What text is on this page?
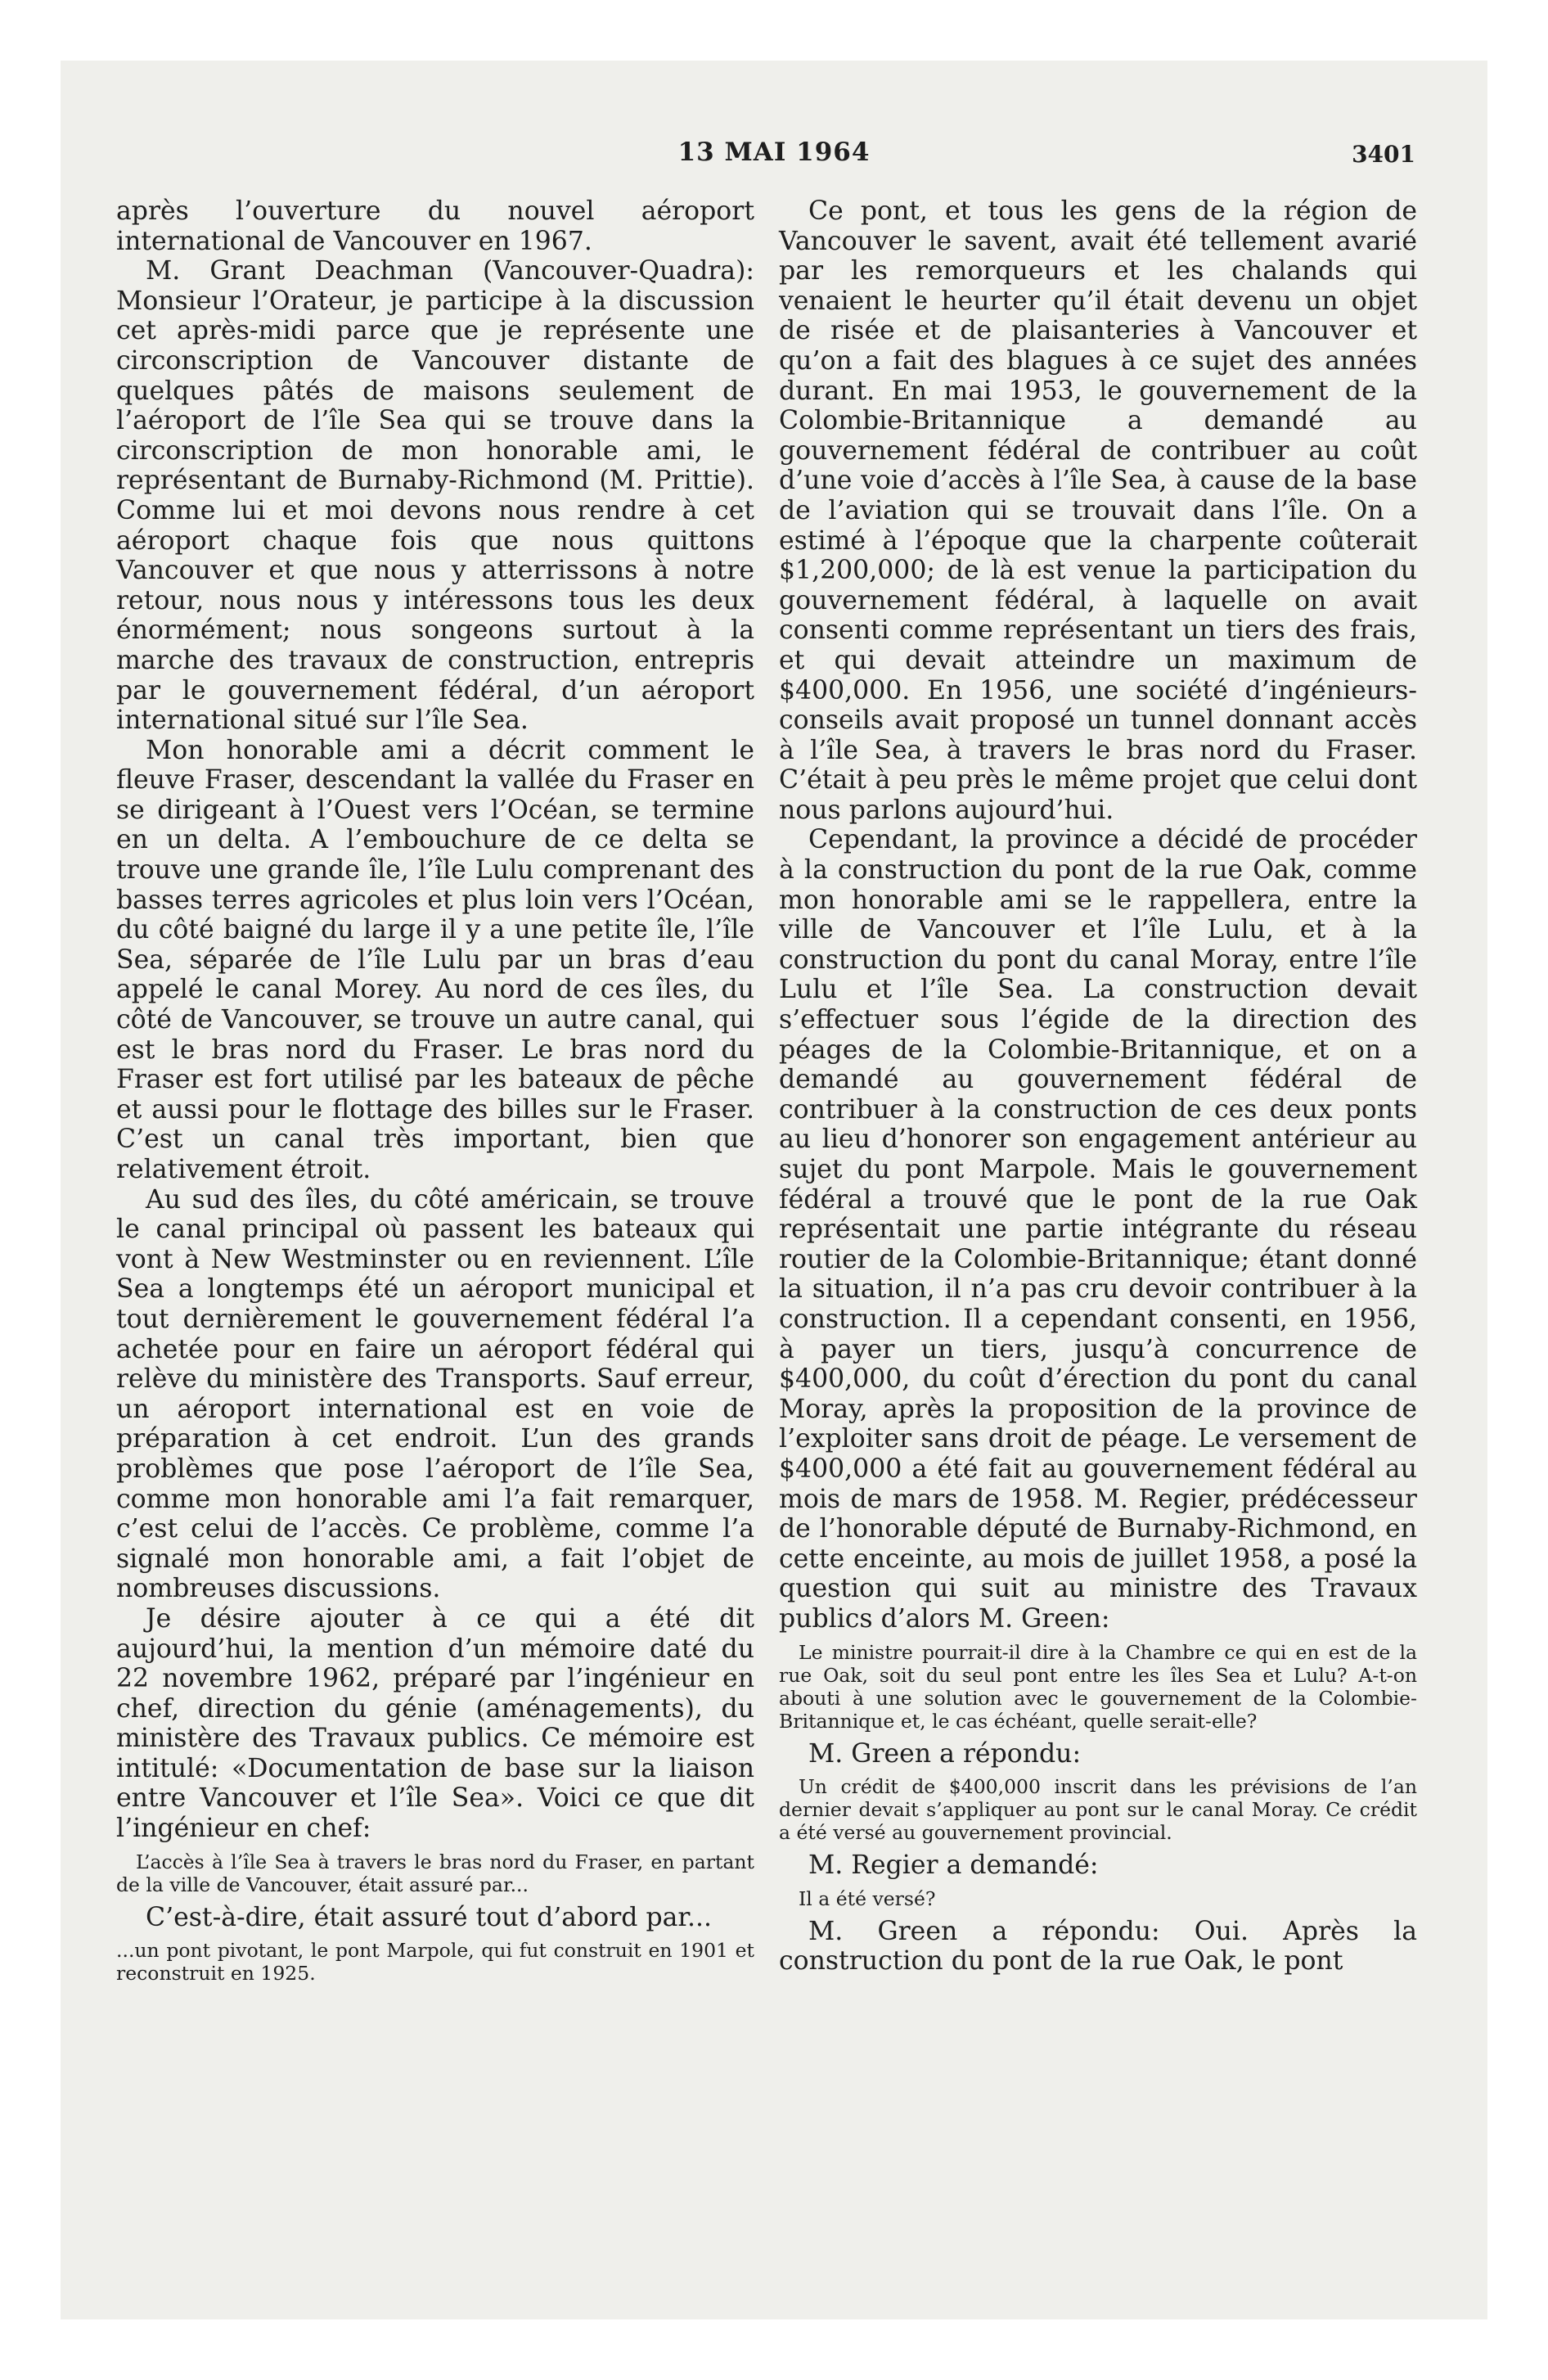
13 MAI 1964	3401

après l’ouverture du nouvel aéroport international de Vancouver en 1967.

M. Grant Deachman (Vancouver-Quadra): Monsieur l’Orateur, je participe à la discussion cet après-midi parce que je représente une circonscription de Vancouver distante de quelques pâtés de maisons seulement de l’aéroport de l’île Sea qui se trouve dans la circonscription de mon honorable ami, le représentant de Burnaby-Richmond (M. Prittie). Comme lui et moi devons nous rendre à cet aéroport chaque fois que nous quittons Vancouver et que nous y atterrissons à notre retour, nous nous y intéressons tous les deux énormément; nous songeons surtout à la marche des travaux de construction, entrepris par le gouvernement fédéral, d’un aéroport international situé sur l’île Sea.

Mon honorable ami a décrit comment le fleuve Fraser, descendant la vallée du Fraser en se dirigeant à l’Ouest vers l’Océan, se termine en un delta. A l’embouchure de ce delta se trouve une grande île, l’île Lulu comprenant des basses terres agricoles et plus loin vers l’Océan, du côté baigné du large il y a une petite île, l’île Sea, séparée de l’île Lulu par un bras d’eau appelé le canal Morey. Au nord de ces îles, du côté de Vancouver, se trouve un autre canal, qui est le bras nord du Fraser. Le bras nord du Fraser est fort utilisé par les bateaux de pêche et aussi pour le flottage des billes sur le Fraser. C’est un canal très important, bien que relativement étroit.

Au sud des îles, du côté américain, se trouve le canal principal où passent les bateaux qui vont à New Westminster ou en reviennent. L’île Sea a longtemps été un aéroport municipal et tout dernièrement le gouvernement fédéral l’a achetée pour en faire un aéroport fédéral qui relève du ministère des Transports. Sauf erreur, un aéroport international est en voie de préparation à cet endroit. L’un des grands problèmes que pose l’aéroport de l’île Sea, comme mon honorable ami l’a fait remarquer, c’est celui de l’accès. Ce problème, comme l’a signalé mon honorable ami, a fait l’objet de nombreuses discussions.

Je désire ajouter à ce qui a été dit aujourd’hui, la mention d’un mémoire daté du 22 novembre 1962, préparé par l’ingénieur en chef, direction du génie (aménagements), du ministère des Travaux publics. Ce mémoire est intitulé: «Documentation de base sur la liaison entre Vancouver et l’île Sea». Voici ce que dit l’ingénieur en chef:

L’accès à l’île Sea à travers le bras nord du Fraser, en partant de la ville de Vancouver, était assuré par...

C’est-à-dire, était assuré tout d’abord par...

...un pont pivotant, le pont Marpole, qui fut construit en 1901 et reconstruit en 1925.

Ce pont, et tous les gens de la région de Vancouver le savent, avait été tellement avarié par les remorqueurs et les chalands qui venaient le heurter qu’il était devenu un objet de risée et de plaisanteries à Vancouver et qu’on a fait des blagues à ce sujet des années durant. En mai 1953, le gouvernement de la Colombie-Britannique a demandé au gouvernement fédéral de contribuer au coût d’une voie d’accès à l’île Sea, à cause de la base de l’aviation qui se trouvait dans l’île. On a estimé à l’époque que la charpente coûterait $1,200,000; de là est venue la participation du gouvernement fédéral, à laquelle on avait consenti comme représentant un tiers des frais, et qui devait atteindre un maximum de $400,000. En 1956, une société d’ingénieurs-conseils avait proposé un tunnel donnant accès à l’île Sea, à travers le bras nord du Fraser. C’était à peu près le même projet que celui dont nous parlons aujourd’hui.

Cependant, la province a décidé de procéder à la construction du pont de la rue Oak, comme mon honorable ami se le rappellera, entre la ville de Vancouver et l’île Lulu, et à la construction du pont du canal Moray, entre l’île Lulu et l’île Sea. La construction devait s’effectuer sous l’égide de la direction des péages de la Colombie-Britannique, et on a demandé au gouvernement fédéral de contribuer à la construction de ces deux ponts au lieu d’honorer son engagement antérieur au sujet du pont Marpole. Mais le gouvernement fédéral a trouvé que le pont de la rue Oak représentait une partie intégrante du réseau routier de la Colombie-Britannique; étant donné la situation, il n’a pas cru devoir contribuer à la construction. Il a cependant consenti, en 1956, à payer un tiers, jusqu’à concurrence de $400,000, du coût d’érection du pont du canal Moray, après la proposition de la province de l’exploiter sans droit de péage. Le versement de $400,000 a été fait au gouvernement fédéral au mois de mars de 1958. M. Regier, prédécesseur de l’honorable député de Burnaby-Richmond, en cette enceinte, au mois de juillet 1958, a posé la question qui suit au ministre des Travaux publics d’alors M. Green:

Le ministre pourrait-il dire à la Chambre ce qui en est de la rue Oak, soit du seul pont entre les îles Sea et Lulu? A-t-on abouti à une solution avec le gouvernement de la Colombie-Britannique et, le cas échéant, quelle serait-elle?

M. Green a répondu:

Un crédit de $400,000 inscrit dans les prévisions de l’an dernier devait s’appliquer au pont sur le canal Moray. Ce crédit a été versé au gouvernement provincial.

M. Regier a demandé:

Il a été versé?

M. Green a répondu: Oui. Après la construction du pont de la rue Oak, le pont
